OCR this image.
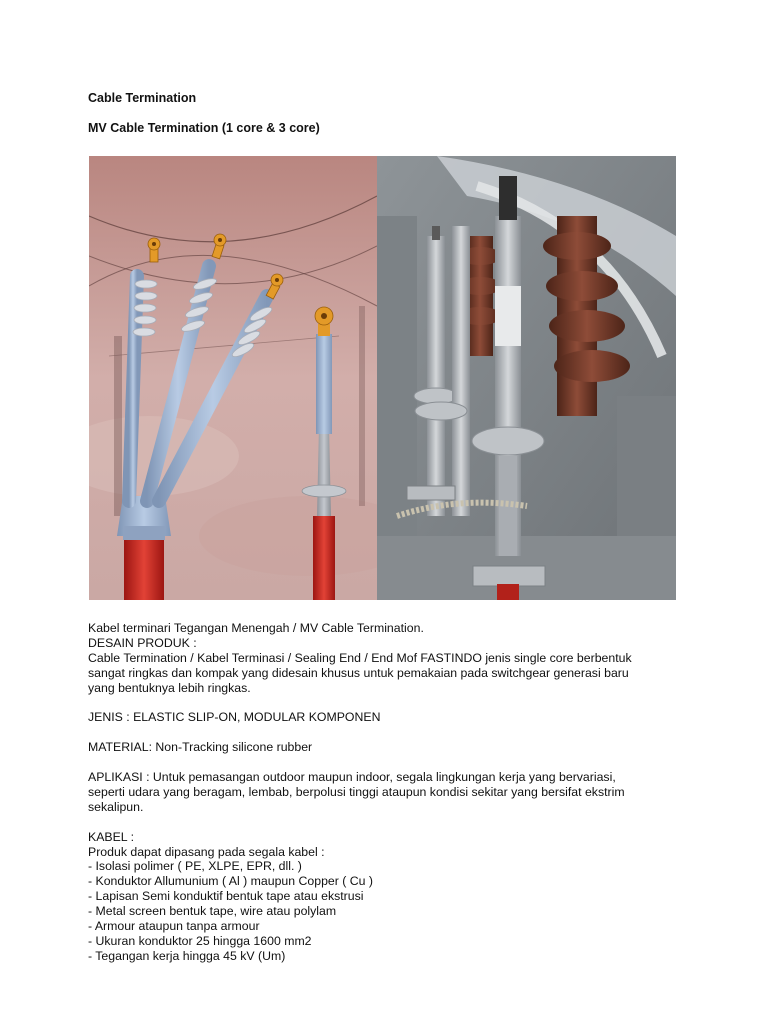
Cable Termination
MV Cable Termination (1 core & 3 core)

Kabel terminari Tegangan Menengah / MV Cable Termination.

DESAIN PRODUK :

Cable Termination / Kabel Terminasi / Sealing End / End Mof FASTINDO jenis single core berbentuk

sangat ringkas dan kompak yang didesain khusus untuk pemakaian pada switchgear generasi baru

yang bentuknya lebih ringkas.

JENIS : ELASTIC SLIP-ON, MODULAR KOMPONEN

MATERIAL: Non-Tracking silicone rubber

APLIKASI : Untuk pemasangan outdoor maupun indoor, segala lingkungan kerja yang bervariasi,

seperti udara yang beragam, lembab, berpolusi tinggi ataupun kondisi sekitar yang bersifat ekstrim

sekalipun.

KABEL :

Produk dapat dipasang pada segala kabel :

- Isolasi polimer ( PE, XLPE, EPR, dll. )
- Konduktor Allumunium ( Al ) maupun Copper ( Cu )
- Lapisan Semi konduktif bentuk tape atau ekstrusi
- Metal screen bentuk tape, wire atau polylam
- Armour ataupun tanpa armour
- Ukuran konduktor 25 hingga 1600 mm2
- Tegangan kerja hingga 45 kV (Um)
